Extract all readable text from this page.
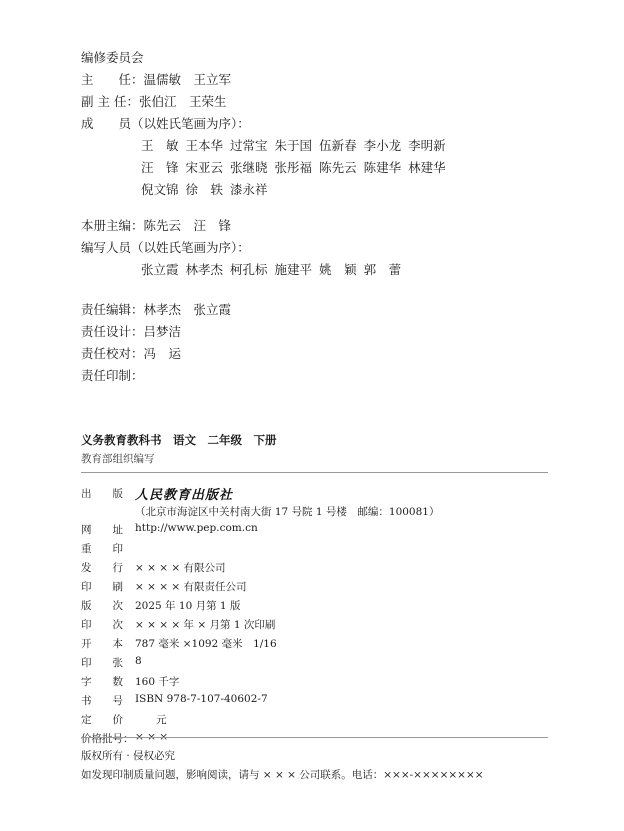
编修委员会
主　　任：温儒敏　王立军
副 主 任：张伯江　王荣生
成　　员（以姓氏笔画为序）：
王　敏 王本华 过常宝 朱于国 伍新春 李小龙 李明新
汪　锋 宋亚云 张继晓 张彤福 陈先云 陈建华 林建华
倪文锦 徐　轶 漆永祥
本册主编：陈先云　汪　锋
编写人员（以姓氏笔画为序）：
张立霞 林孝杰 柯孔标 施建平 姚　颖 郭　蕾
责任编辑：林孝杰　张立霞
责任设计：吕梦洁
责任校对：冯　运
责任印制：
义务教育教科书　语文　二年级　下册
教育部组织编写
出　　版 人民教育出版社
（北京市海淀区中关村南大街 17 号院 1 号楼　邮编：100081）
网　　址 http://www.pep.com.cn
重　　印
发　　行 × × × × 有限公司
印　　刷 × × × × 有限责任公司
版　　次 2025 年 10 月第 1 版
印　　次 × × × × 年 × 月第 1 次印刷
开　　本 787 毫米 ×1092 毫米　1/16
印　　张 8
字　　数 160 千字
书　　号 ISBN 978-7-107-40602-7
定　　价 　　元
价格批号： × × ×
版权所有 · 侵权必究
如发现印制质量问题，影响阅读，请与 × × × 公司联系。电话：×××-××××××××
